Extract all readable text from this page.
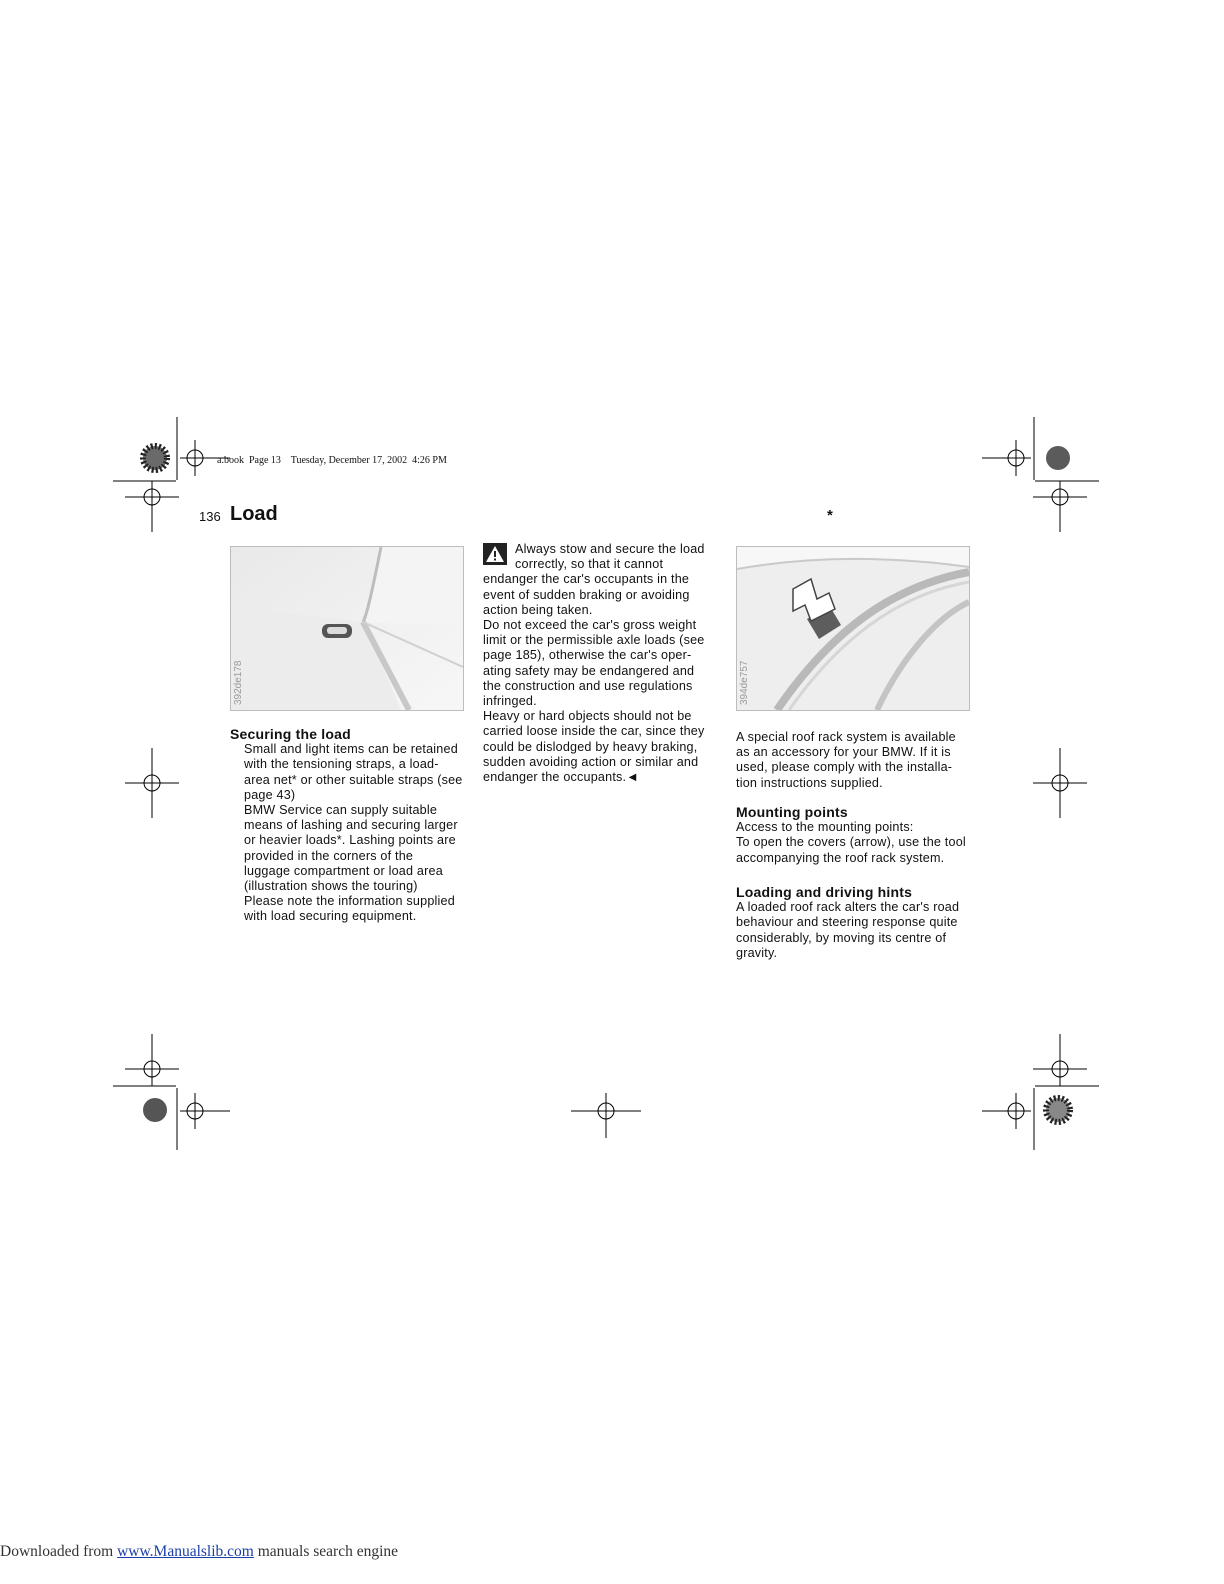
a.book  Page 13    Tuesday, December 17, 2002  4:26 PM
136 Load	*
392de178	394de757

Securing the load

Small and light items can be retained

with the tensioning straps, a load-

area net* or other suitable straps (see

page 43)

BMW Service can supply suitable

means of lashing and securing larger

or heavier loads*. Lashing points are

provided in the corners of the

luggage compartment or load area

(illustration shows the touring)

Please note the information supplied

with load securing equipment.

Always stow and secure the load

correctly, so that it cannot

endanger the car's occupants in the

event of sudden braking or avoiding

action being taken.

Do not exceed the car's gross weight

limit or the permissible axle loads (see

page 185), otherwise the car's oper-

ating safety may be endangered and

the construction and use regulations

infringed.

Heavy or hard objects should not be

carried loose inside the car, since they

could be dislodged by heavy braking,

sudden avoiding action or similar and

endanger the occupants.◄

A special roof rack system is available

as an accessory for your BMW. If it is

used, please comply with the installa-

tion instructions supplied.

Mounting points

Access to the mounting points:

To open the covers (arrow), use the tool

accompanying the roof rack system.

Loading and driving hints

A loaded roof rack alters the car's road

behaviour and steering response quite

considerably, by moving its centre of

gravity.

Downloaded from www.Manualslib.com manuals search engine
